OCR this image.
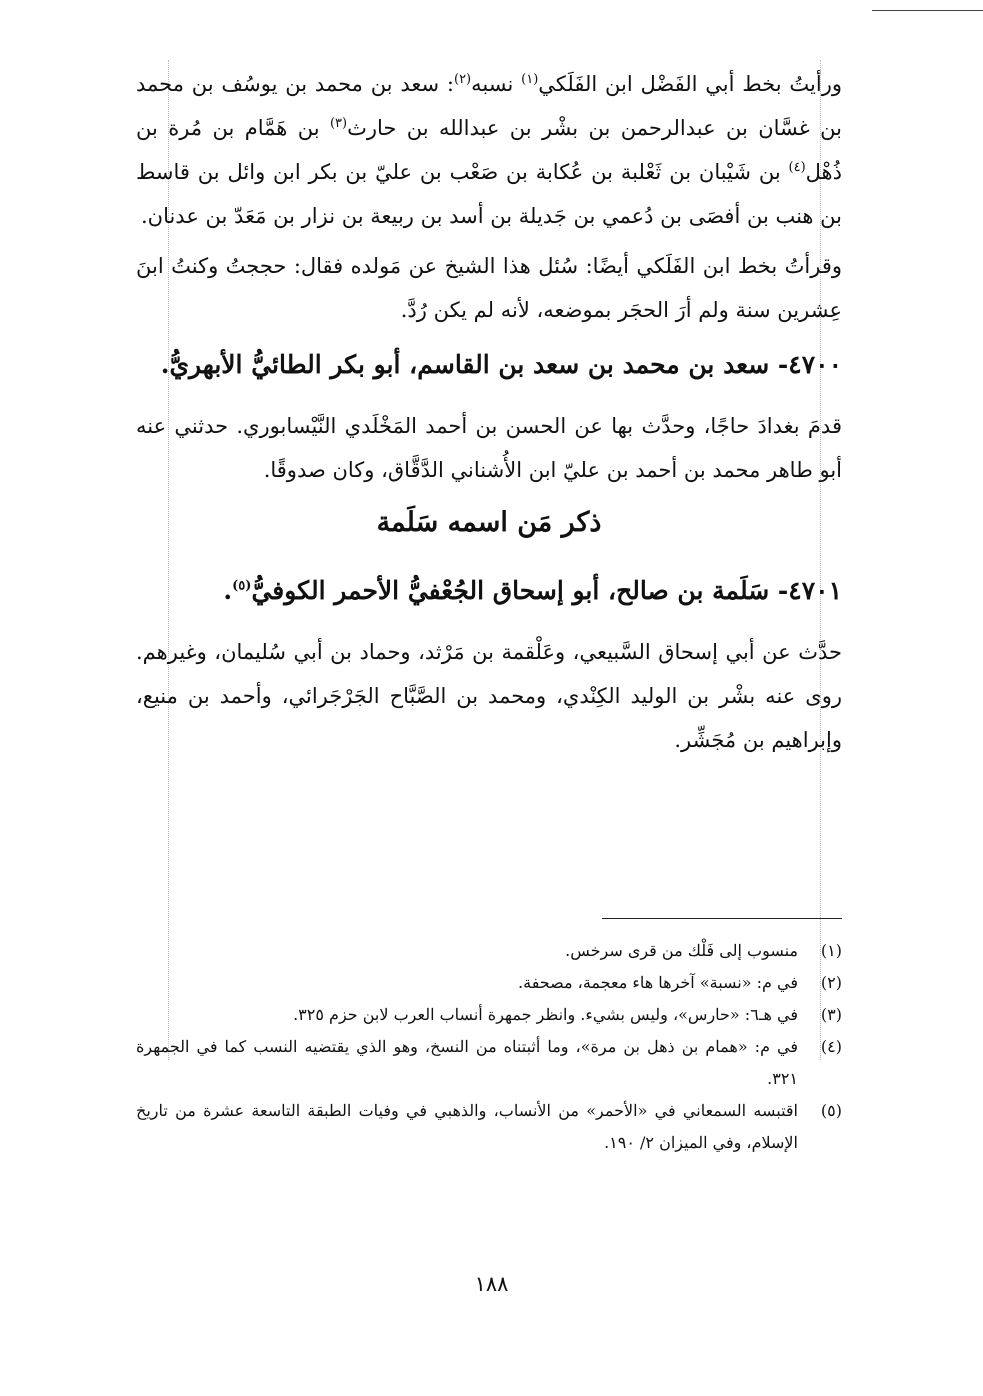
ورأيتُ بخط أبي الفَضْل ابن الفَلَكي$^{(١)}$ نسبه$^{(٢)}$: سعد بن محمد بن يوسُف بن محمد بن غسَّان بن عبدالرحمن بن بشْر بن عبدالله بن حارث$^{(٣)}$ بن هَمَّام بن مُرة بن ذُهْل$^{(٤)}$ بن شَيْبان بن ثَعْلبة بن عُكابة بن صَعْب بن عليّ بن بكر ابن وائل بن قاسط بن هنب بن أفصَى بن دُعمي بن جَديلة بن أسد بن ربيعة بن نزار بن مَعَدّ بن عدنان.

وقرأتُ بخط ابن الفَلَكي أيضًا: سُئل هذا الشيخ عن مَولده فقال: حججتُ وكنتُ ابنَ عِشرين سنة ولم أرَ الحجَر بموضعه، لأنه لم يكن رُدَّ.

٤٧٠٠- سعد بن محمد بن سعد بن القاسم، أبو بكر الطائيُّ الأبهريُّ.

قدمَ بغدادَ حاجًا، وحدَّث بها عن الحسن بن أحمد المَخْلَدي النَّيْسابوري. حدثني عنه أبو طاهر محمد بن أحمد بن عليّ ابن الأُشناني الدَّقَّاق، وكان صدوقًا.

ذكر مَن اسمه سَلَمة
٤٧٠١- سَلَمة بن صالح، أبو إسحاق الجُعْفيُّ الأحمر الكوفيُّ$^{(٥)}$.

حدَّث عن أبي إسحاق السَّبيعي، وعَلْقمة بن مَرْثد، وحماد بن أبي سُليمان، وغيرهم. روى عنه بشْر بن الوليد الكِنْدي، ومحمد بن الصَّبَّاح الجَرْجَرائي، وأحمد بن منيع، وإبراهيم بن مُجَشِّر.

(١)
منسوب إلى فَلْك من قرى سرخس.
(٢)
في م: «نسبة» آخرها هاء معجمة، مصحفة.
(٣)
في هـ٦: «حارس»، وليس بشيء. وانظر جمهرة أنساب العرب لابن حزم ٣٢٥.
(٤)
في م: «همام بن ذهل بن مرة»، وما أثبتناه من النسخ، وهو الذي يقتضيه النسب كما في الجمهرة ٣٢١.
(٥)
اقتبسه السمعاني في «الأحمر» من الأنساب، والذهبي في وفيات الطبقة التاسعة عشرة من تاريخ الإسلام، وفي الميزان ٢/ ١٩٠.
١٨٨
